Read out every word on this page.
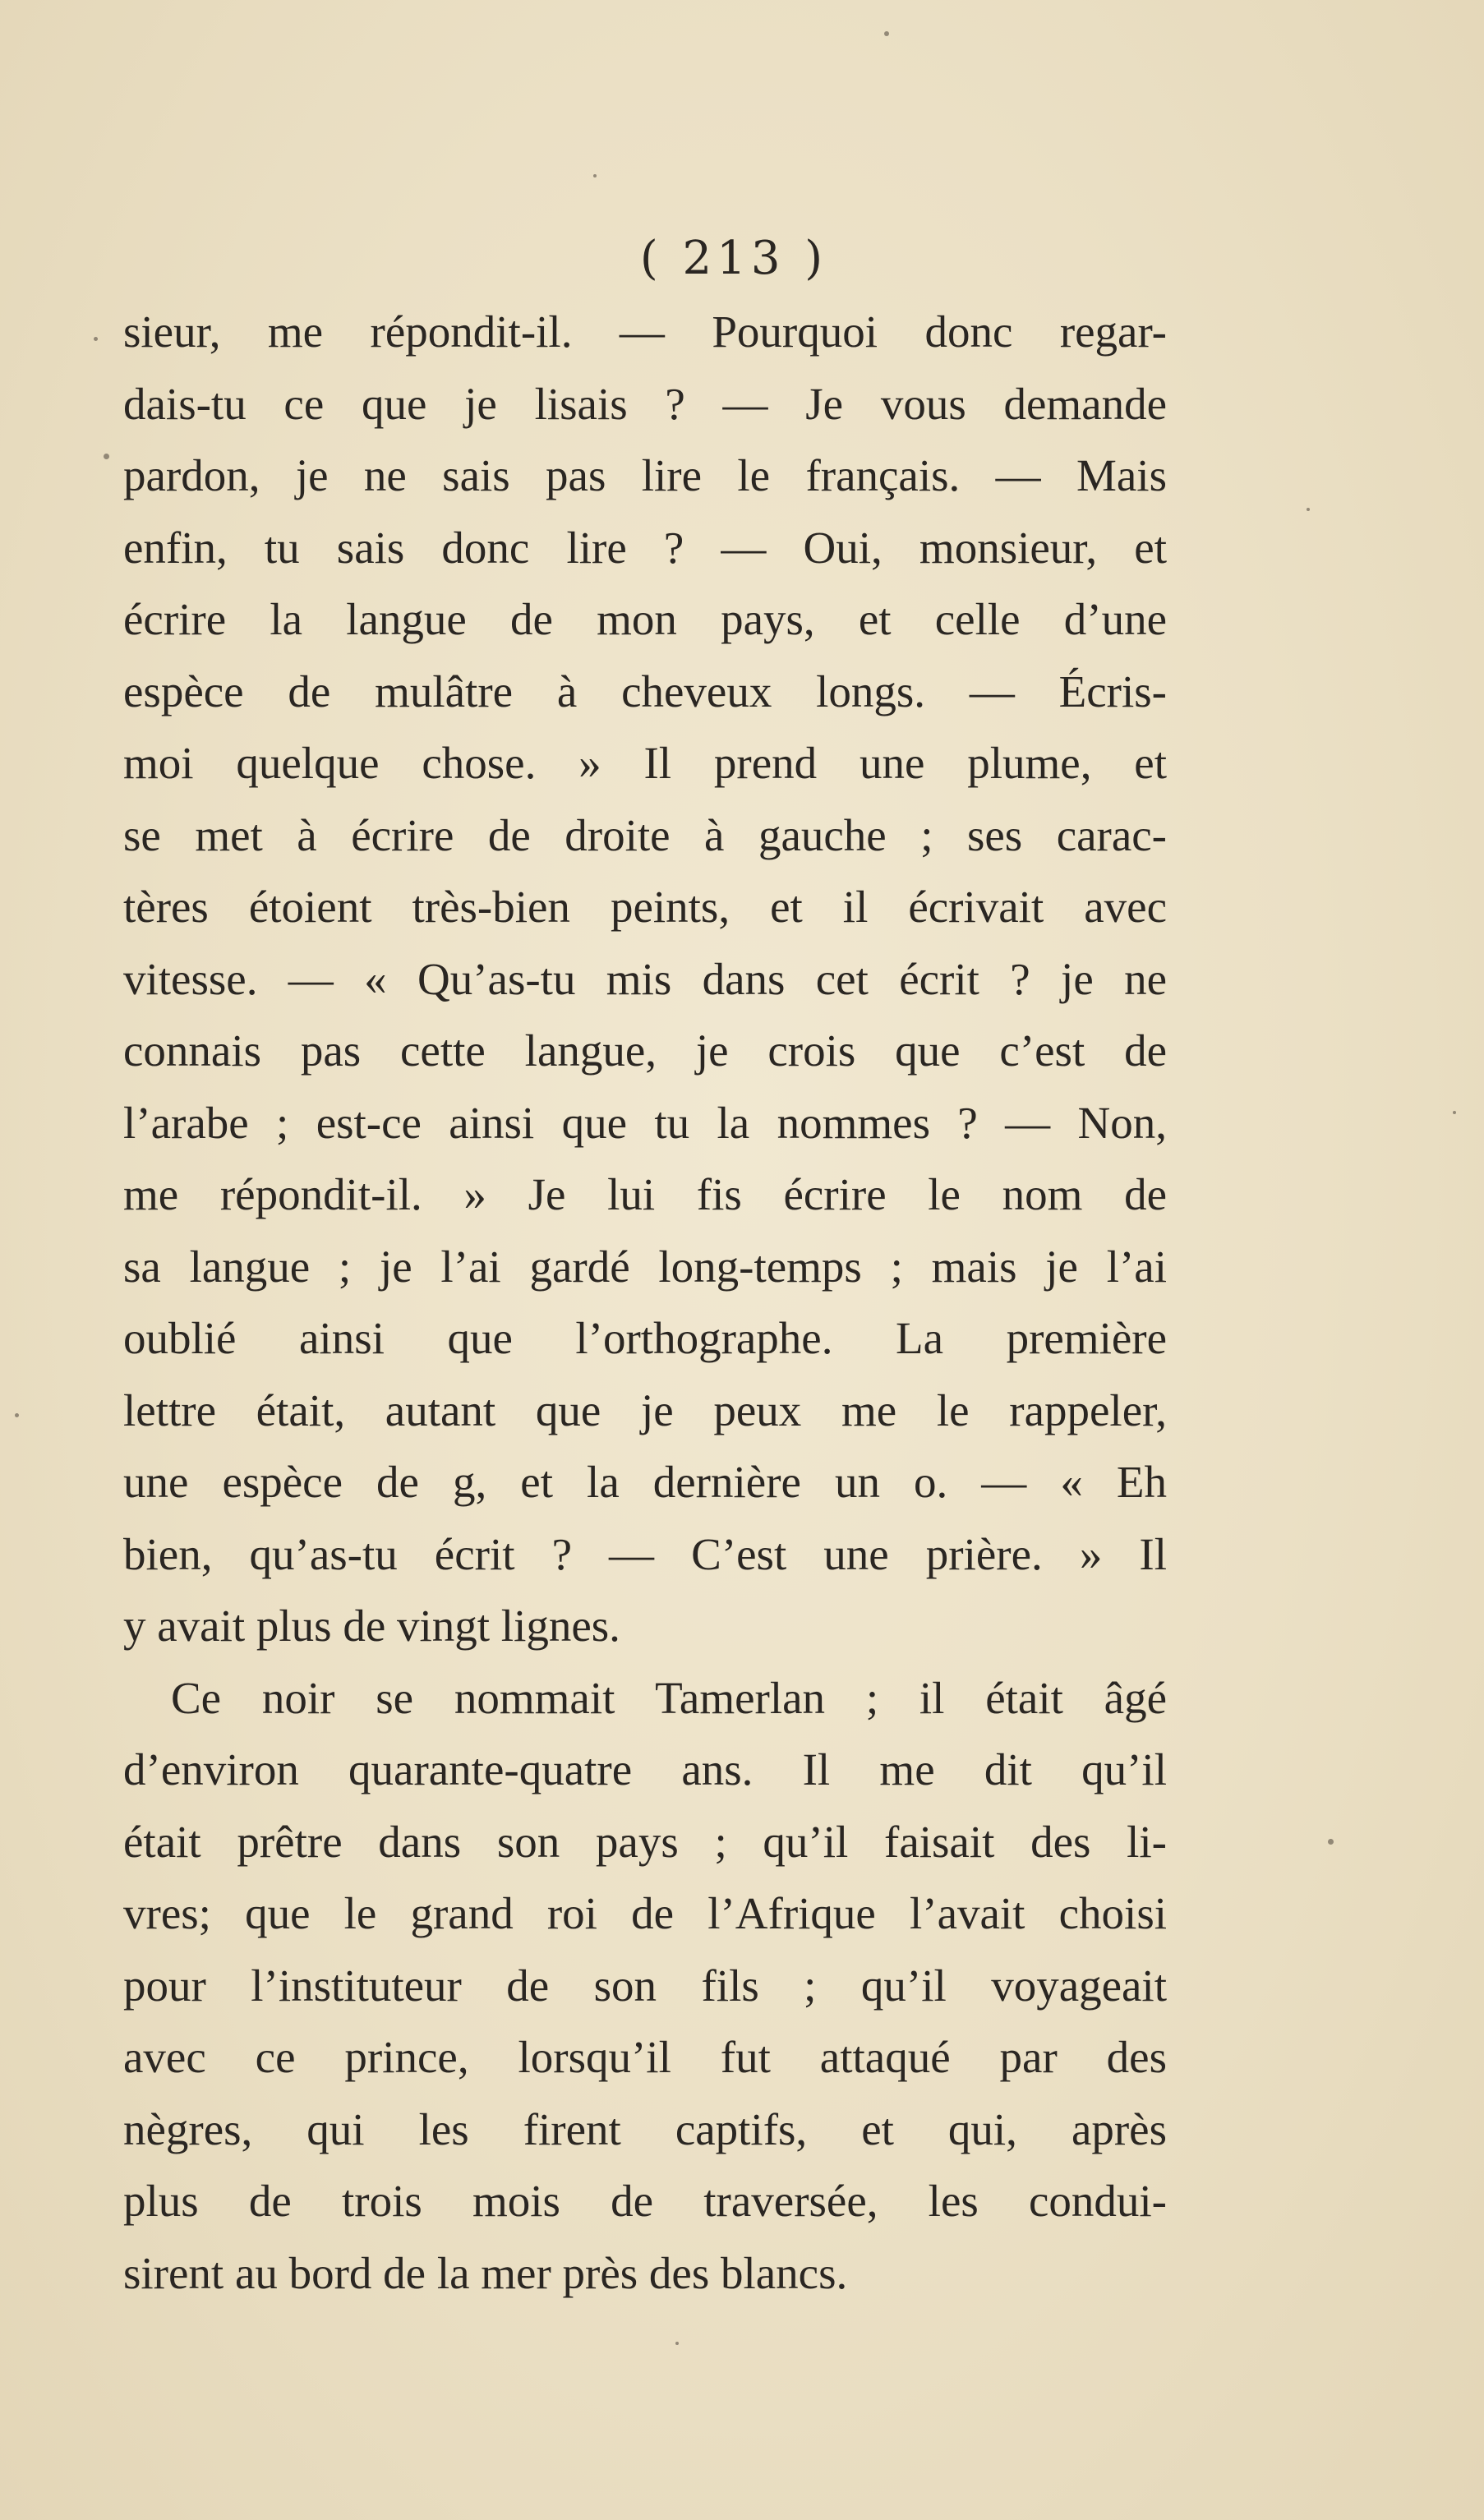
( 213 )
sieur, me répondit-il. — Pourquoi donc regar-
dais-tu ce que je lisais ? — Je vous demande
pardon, je ne sais pas lire le français. — Mais
enfin, tu sais donc lire ? — Oui, monsieur, et
écrire la langue de mon pays, et celle d’une
espèce de mulâtre à cheveux longs. — Écris-
moi quelque chose. » Il prend une plume, et
se met à écrire de droite à gauche ; ses carac-
tères étoient très-bien peints, et il écrivait avec
vitesse. — « Qu’as-tu mis dans cet écrit ? je ne
connais pas cette langue, je crois que c’est de
l’arabe ; est-ce ainsi que tu la nommes ? — Non,
me répondit-il. » Je lui fis écrire le nom de
sa langue ; je l’ai gardé long-temps ; mais je l’ai
oublié ainsi que l’orthographe. La première
lettre était, autant que je peux me le rappeler,
une espèce de g, et la dernière un o. — « Eh
bien, qu’as-tu écrit ? — C’est une prière. » Il
y avait plus de vingt lignes.
Ce noir se nommait Tamerlan ; il était âgé
d’environ quarante-quatre ans. Il me dit qu’il
était prêtre dans son pays ; qu’il faisait des li-
vres; que le grand roi de l’Afrique l’avait choisi
pour l’instituteur de son fils ; qu’il voyageait
avec ce prince, lorsqu’il fut attaqué par des
nègres, qui les firent captifs, et qui, après
plus de trois mois de traversée, les condui-
sirent au bord de la mer près des blancs.
